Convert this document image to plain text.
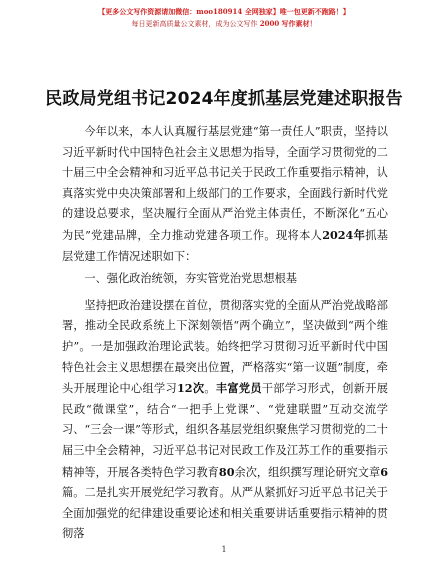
【更多公文写作资源请加微信：moo180914 全网独家】唯一包更新不跑路！】
每日更新高质量公文素材，成为公文写作 2000 写作素材！
民政局党组书记2024年度抓基层党建述职报告

今年以来，本人认真履行基层党建“第一责任人”职责，坚持以习近平新时代中国特色社会主义思想为指导，全面学习贯彻党的二十届三中全会精神和习近平总书记关于民政工作重要指示精神，认真落实党中央决策部署和上级部门的工作要求，全面践行新时代党的建设总要求，坚决履行全面从严治党主体责任，不断深化“五心为民”党建品牌，全力推动党建各项工作。现将本人2024年抓基层党建工作情况述职如下：

一、强化政治统领，夯实管党治党思想根基

坚持把政治建设摆在首位，贯彻落实党的全面从严治党战略部署，推动全民政系统上下深刻领悟“两个确立”，坚决做到“两个维护”。一是加强政治理论武装。始终把学习贯彻习近平新时代中国特色社会主义思想摆在最突出位置，严格落实“第一议题”制度，牵头开展理论中心组学习12次。丰富党员干部学习形式，创新开展民政“微课堂”，结合“一把手上党课”、“党建联盟”互动交流学习、“三会一课”等形式，组织各基层党组织聚焦学习贯彻党的二十届三中全会精神，习近平总书记对民政工作及江苏工作的重要指示精神等，开展各类特色学习教育80余次，组织撰写理论研究文章6篇。二是扎实开展党纪学习教育。从严从紧抓好习近平总书记关于全面加强党的纪律建设重要论述和相关重要讲话重要指示精神的贯彻落

1
